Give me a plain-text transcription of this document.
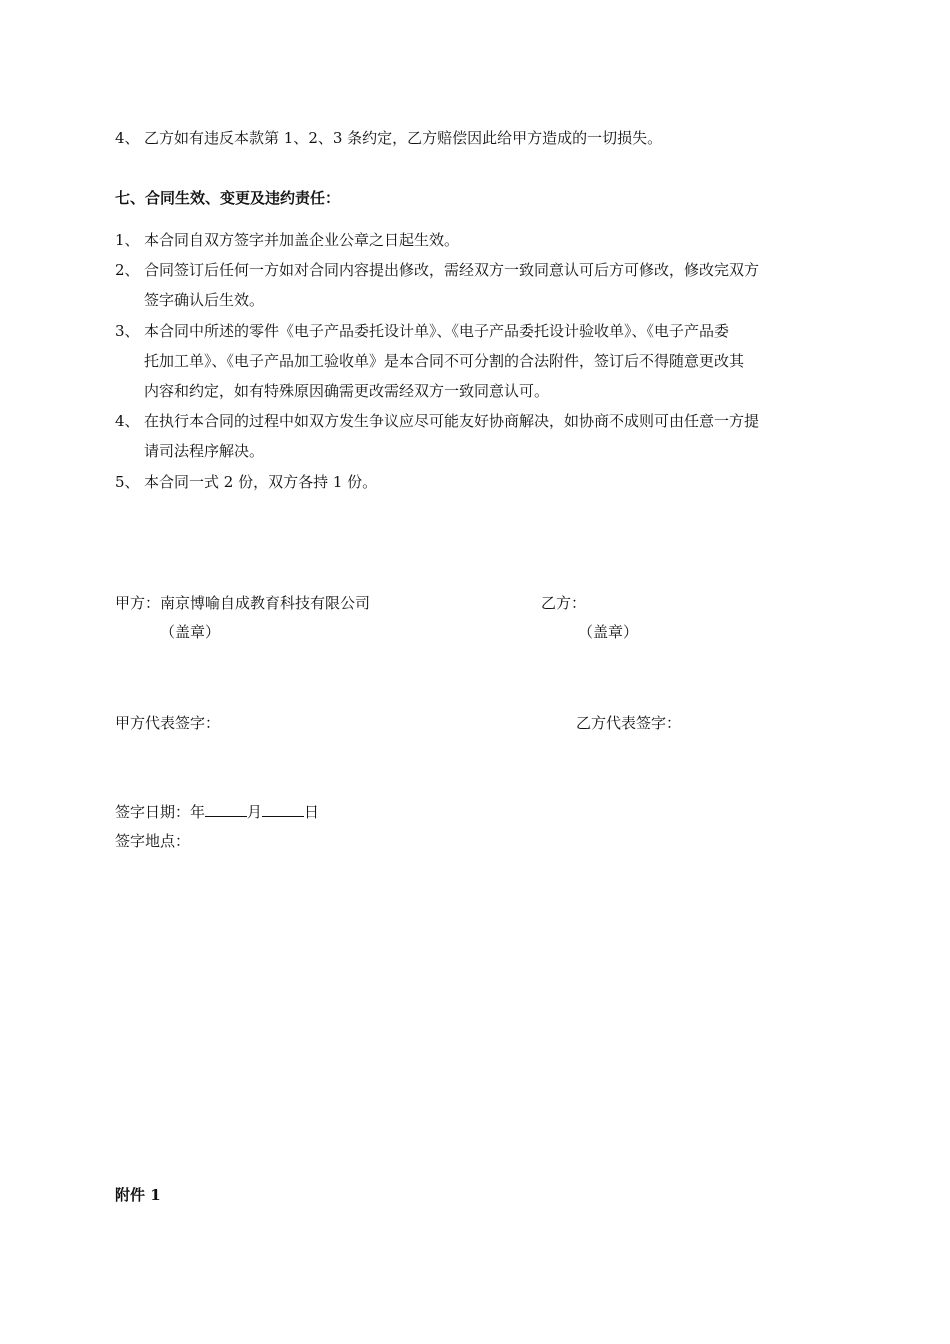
4、 乙方如有违反本款第 1、2、3 条约定，乙方赔偿因此给甲方造成的一切损失。
七、合同生效、变更及违约责任：
1、 本合同自双方签字并加盖企业公章之日起生效。
2、 合同签订后任何一方如对合同内容提出修改，需经双方一致同意认可后方可修改，修改完双方
签字确认后生效。
3、 本合同中所述的零件《电子产品委托设计单》、《电子产品委托设计验收单》、《电子产品委
托加工单》、《电子产品加工验收单》是本合同不可分割的合法附件，签订后不得随意更改其
内容和约定，如有特殊原因确需更改需经双方一致同意认可。
4、 在执行本合同的过程中如双方发生争议应尽可能友好协商解决，如协商不成则可由任意一方提
请司法程序解决。
5、 本合同一式 2 份，双方各持 1 份。
甲方：南京博喻自成教育科技有限公司	乙方：
（盖章）	（盖章）
甲方代表签字：	乙方代表签字：
签字日期：年	月	日
签字地点：
附件 1
